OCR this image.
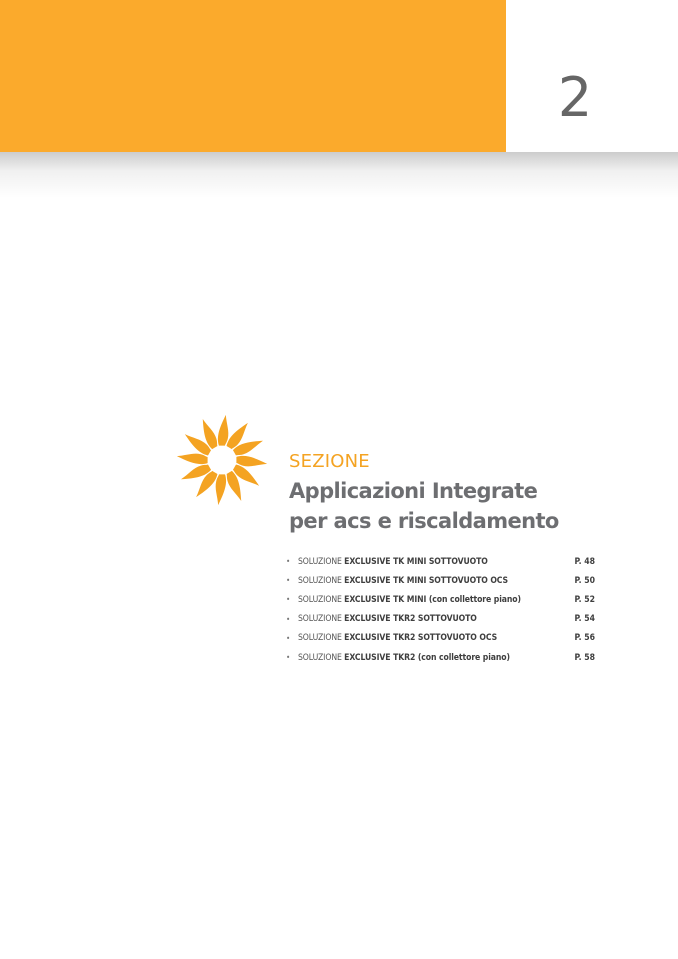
2
SEZIONE
Applicazioni Integrate
per acs e riscaldamento
• SOLUZIONE EXCLUSIVE TK MINI SOTTOVUOTO	P. 48
• SOLUZIONE EXCLUSIVE TK MINI SOTTOVUOTO OCS	P. 50
• SOLUZIONE EXCLUSIVE TK MINI (con collettore piano)	P. 52
• SOLUZIONE EXCLUSIVE TKR2 SOTTOVUOTO	P. 54
• SOLUZIONE EXCLUSIVE TKR2 SOTTOVUOTO OCS	P. 56
• SOLUZIONE EXCLUSIVE TKR2 (con collettore piano)	P. 58
